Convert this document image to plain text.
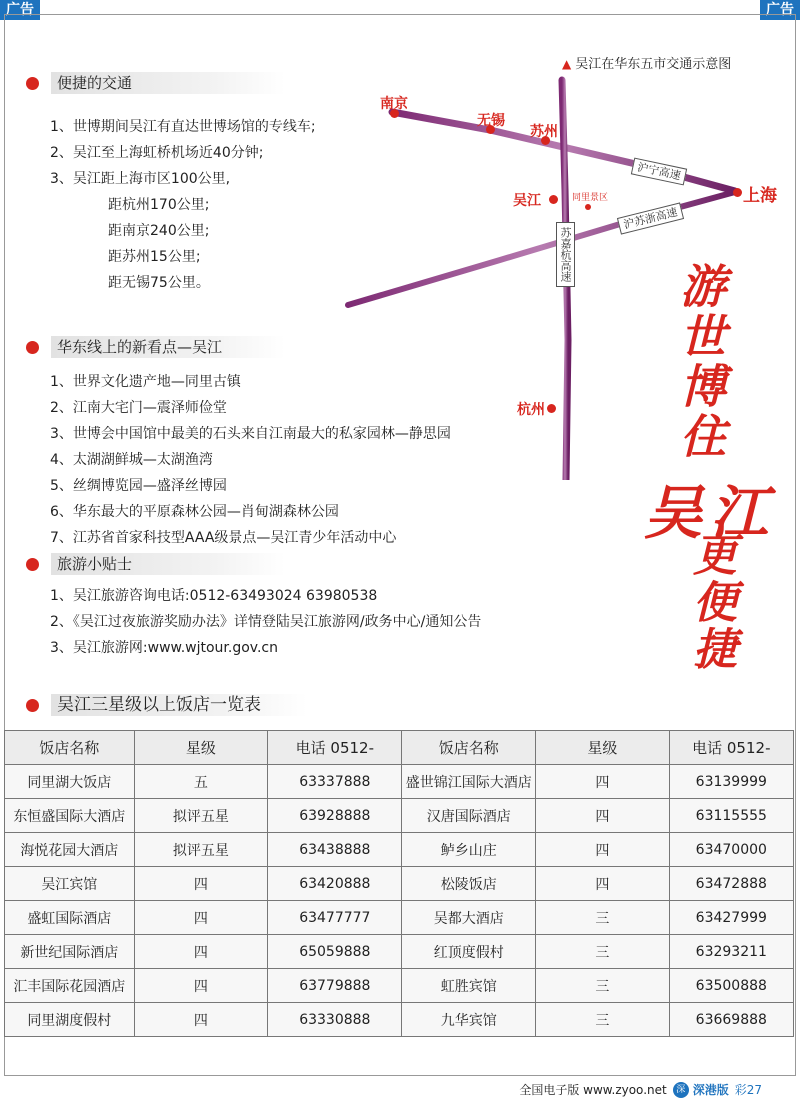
广告	广告
便捷的交通
1、世博期间吴江有直达世博场馆的专线车;
2、吴江至上海虹桥机场近40分钟;
3、吴江距上海市区100公里,
距杭州170公里;
距南京240公里;
距苏州15公里;
距无锡75公里。
华东线上的新看点—吴江
1、世界文化遗产地—同里古镇
2、江南大宅门—震泽师俭堂
3、世博会中国馆中最美的石头来自江南最大的私家园林—静思园
4、太湖湖鲜城—太湖渔湾
5、丝绸博览园—盛泽丝博园
6、华东最大的平原森林公园—肖甸湖森林公园
7、江苏省首家科技型AAA级景点—吴江青少年活动中心
旅游小贴士
1、吴江旅游咨询电话:0512-63493024 63980538
2、《吴江过夜旅游奖励办法》详情登陆吴江旅游网/政务中心/通知公告
3、吴江旅游网:www.wjtour.gov.cn
吴江三星级以上饭店一览表
▲ 吴江在华东五市交通示意图
南京
无锡
苏州
吴江	同里景区	上海
杭州
沪宁高速
沪苏浙高速
苏嘉杭高速
游世博住
吴江
更便捷
饭店名称	星级	电话 0512-	饭店名称	星级	电话 0512-
同里湖大饭店	五	63337888	盛世锦江国际大酒店	四	63139999
东恒盛国际大酒店	拟评五星	63928888	汉唐国际酒店	四	63115555
海悦花园大酒店	拟评五星	63438888	鲈乡山庄	四	63470000
吴江宾馆	四	63420888	松陵饭店	四	63472888
盛虹国际酒店	四	63477777	吴都大酒店	三	63427999
新世纪国际酒店	四	65059888	红顶度假村	三	63293211
汇丰国际花园酒店	四	63779888	虹胜宾馆	三	63500888
同里湖度假村	四	63330888	九华宾馆	三	63669888
全国电子版 www.zyoo.net	深 深港版 彩27
